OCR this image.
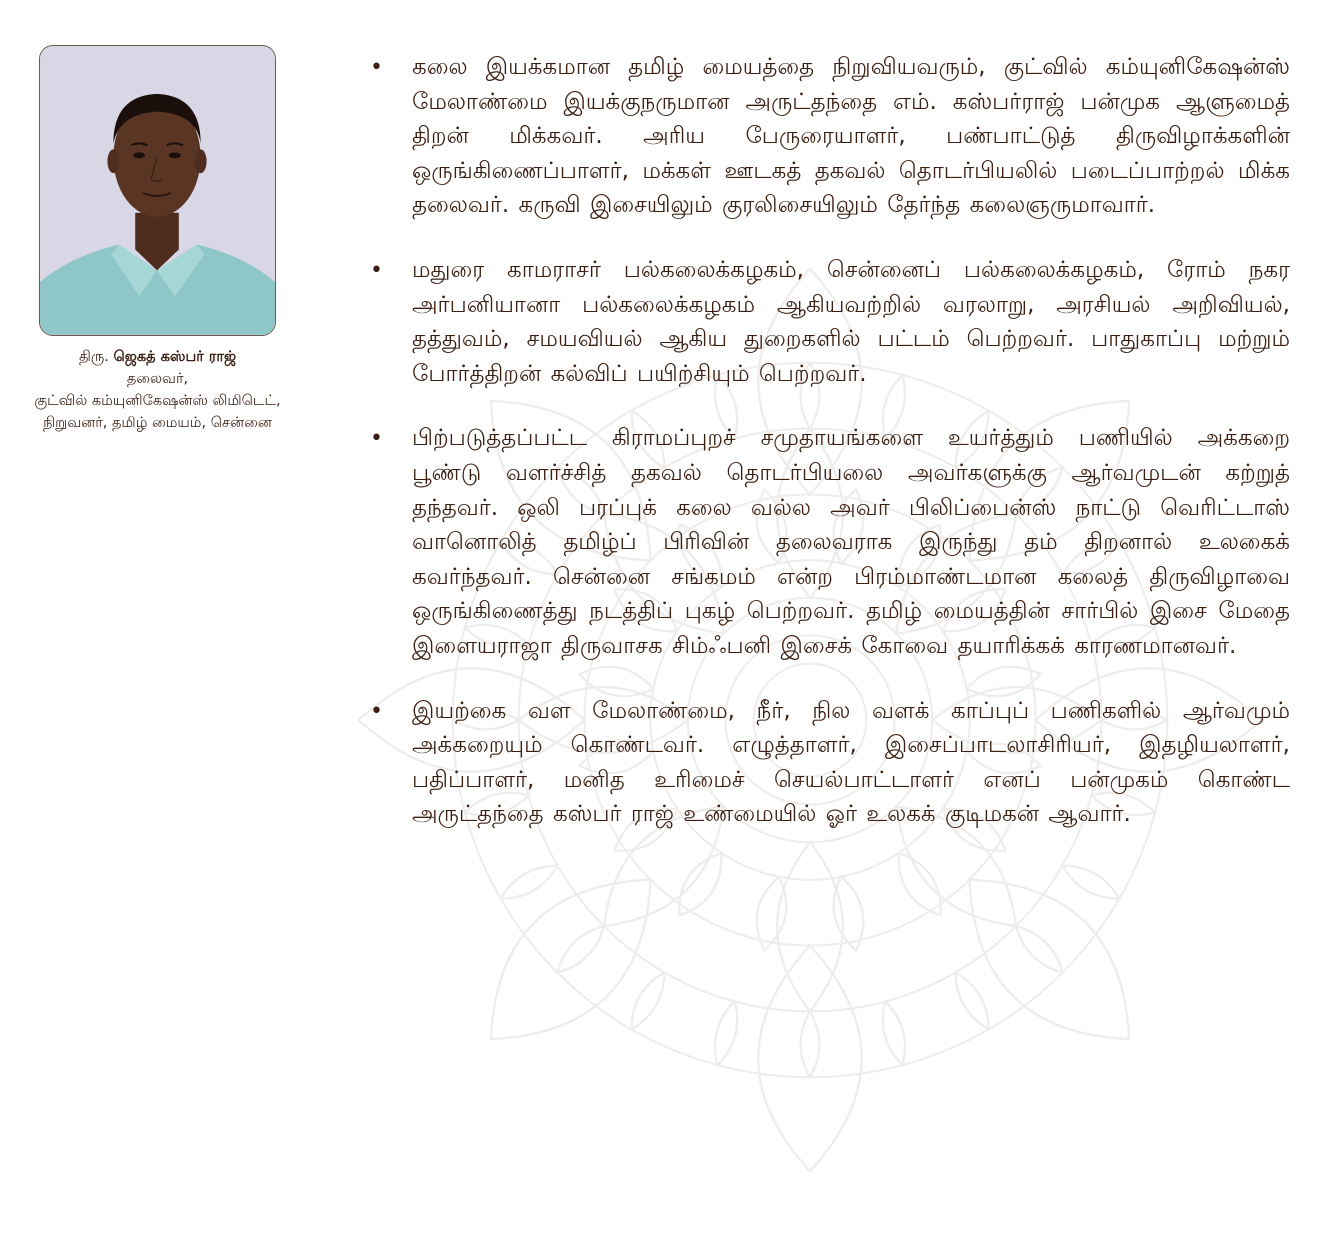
திரு. ஜெகத் கஸ்பர் ராஜ்
தலைவர்,
குட்வில் கம்யுனிகேஷன்ஸ் லிமிடெட்,
நிறுவனர், தமிழ் மையம், சென்னை
• கலை இயக்கமான தமிழ் மையத்தை நிறுவியவரும், குட்வில் கம்யுனிகேஷன்ஸ் மேலாண்மை இயக்குநருமான அருட்தந்தை எம். கஸ்பர்ராஜ் பன்முக ஆளுமைத் திறன் மிக்கவர். அரிய பேருரையாளர், பண்பாட்டுத் திருவிழாக்களின் ஒருங்கிணைப்பாளர், மக்கள் ஊடகத் தகவல் தொடர்பியலில் படைப்பாற்றல் மிக்க தலைவர். கருவி இசையிலும் குரலிசையிலும் தேர்ந்த கலைஞருமாவார்.
• மதுரை காமராசர் பல்கலைக்கழகம், சென்னைப் பல்கலைக்கழகம், ரோம் நகர அர்பனியானா பல்கலைக்கழகம் ஆகியவற்றில் வரலாறு, அரசியல் அறிவியல், தத்துவம், சமயவியல் ஆகிய துறைகளில் பட்டம் பெற்றவர். பாதுகாப்பு மற்றும் போர்த்திறன் கல்விப் பயிற்சியும் பெற்றவர்.
• பிற்படுத்தப்பட்ட கிராமப்புறச் சமுதாயங்களை உயர்த்தும் பணியில் அக்கறை பூண்டு வளர்ச்சித் தகவல் தொடர்பியலை அவர்களுக்கு ஆர்வமுடன் கற்றுத் தந்தவர். ஒலி பரப்புக் கலை வல்ல அவர் பிலிப்பைன்ஸ் நாட்டு வெரிட்டாஸ் வானொலித் தமிழ்ப் பிரிவின் தலைவராக இருந்து தம் திறனால் உலகைக் கவர்ந்தவர். சென்னை சங்கமம் என்ற பிரம்மாண்டமான கலைத் திருவிழாவை ஒருங்கிணைத்து நடத்திப் புகழ் பெற்றவர். தமிழ் மையத்தின் சார்பில் இசை மேதை இளையராஜா திருவாசக சிம்ஃபனி இசைக் கோவை தயாரிக்கக் காரணமானவர்.
• இயற்கை வள மேலாண்மை, நீர், நில வளக் காப்புப் பணிகளில் ஆர்வமும் அக்கறையும் கொண்டவர். எழுத்தாளர், இசைப்பாடலாசிரியர், இதழியலாளர், பதிப்பாளர், மனித உரிமைச் செயல்பாட்டாளர் எனப் பன்முகம் கொண்ட அருட்தந்தை கஸ்பர் ராஜ் உண்மையில் ஓர் உலகக் குடிமகன் ஆவார்.
